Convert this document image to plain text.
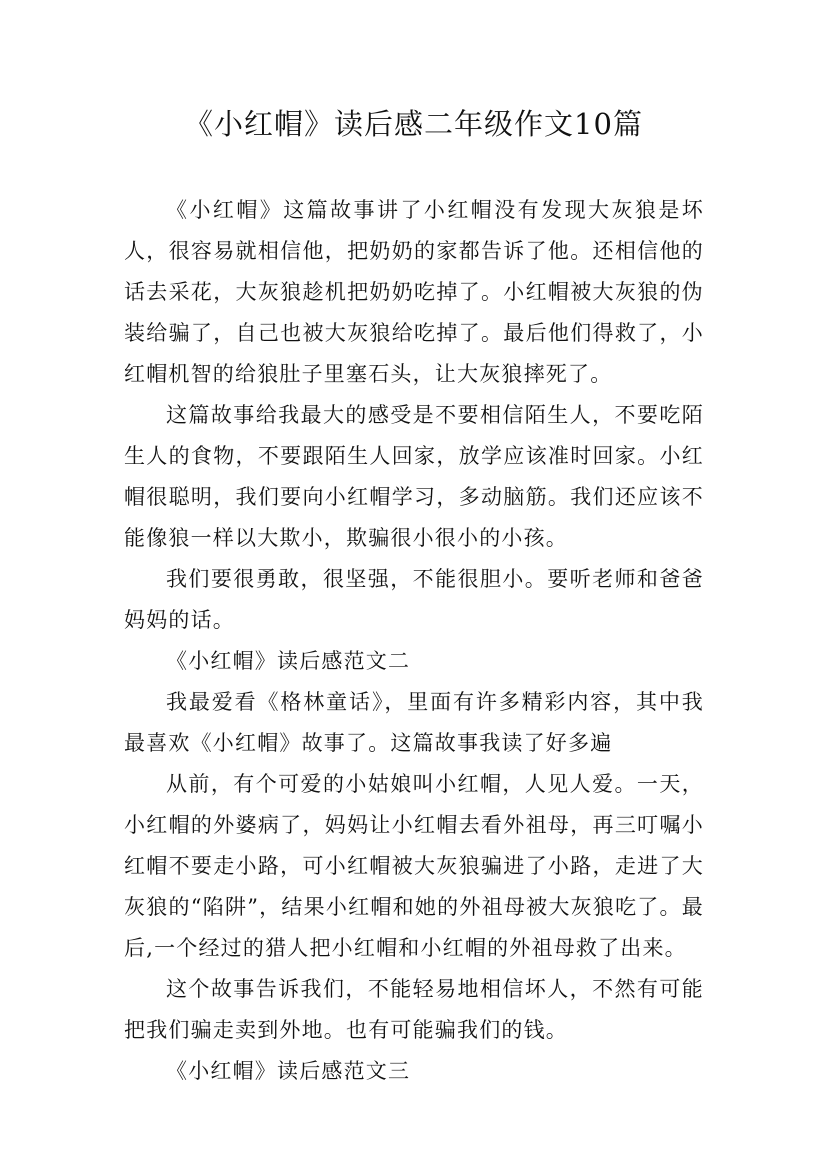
《小红帽》读后感二年级作文10篇

《小红帽》这篇故事讲了小红帽没有发现大灰狼是坏人，很容易就相信他，把奶奶的家都告诉了他。还相信他的话去采花，大灰狼趁机把奶奶吃掉了。小红帽被大灰狼的伪装给骗了，自己也被大灰狼给吃掉了。最后他们得救了，小红帽机智的给狼肚子里塞石头，让大灰狼摔死了。

这篇故事给我最大的感受是不要相信陌生人，不要吃陌生人的食物，不要跟陌生人回家，放学应该准时回家。小红帽很聪明，我们要向小红帽学习，多动脑筋。我们还应该不能像狼一样以大欺小，欺骗很小很小的小孩。

我们要很勇敢，很坚强，不能很胆小。要听老师和爸爸妈妈的话。

《小红帽》读后感范文二

我最爱看《格林童话》，里面有许多精彩内容，其中我最喜欢《小红帽》故事了。这篇故事我读了好多遍

从前，有个可爱的小姑娘叫小红帽，人见人爱。一天，小红帽的外婆病了，妈妈让小红帽去看外祖母，再三叮嘱小红帽不要走小路，可小红帽被大灰狼骗进了小路，走进了大灰狼的“陷阱”，结果小红帽和她的外祖母被大灰狼吃了。最后,一个经过的猎人把小红帽和小红帽的外祖母救了出来。

这个故事告诉我们，不能轻易地相信坏人，不然有可能把我们骗走卖到外地。也有可能骗我们的钱。

《小红帽》读后感范文三
